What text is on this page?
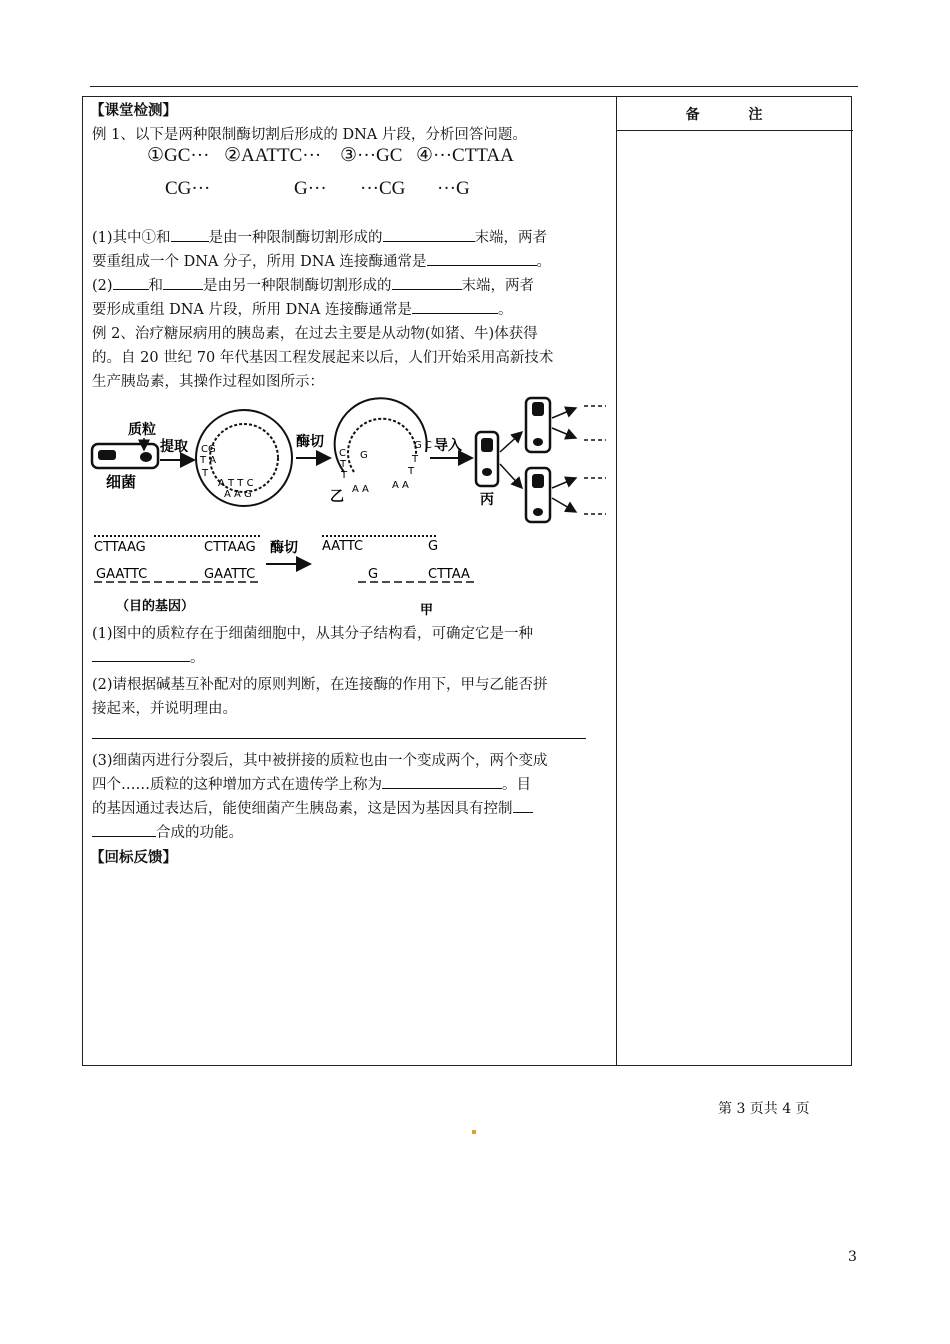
备 注
【课堂检测】
例 1、以下是两种限制酶切割后形成的 DNA 片段，分析回答问题。
①GC··· ②AATTC··· ③···GC ④···CTTAA
CG···	G··· ···CG ···G
(1)其中①和	是由一种限制酶切割形成的	末端，两者
要重组成一个 DNA 分子，所用 DNA 连接酶通常是	。
(2) 和	是由另一种限制酶切割形成的	末端，两者
要形成重组 DNA 片段，所用 DNA 连接酶通常是	。
例 2、治疗糖尿病用的胰岛素，在过去主要是从动物(如猪、牛)体获得
的。自 20 世纪 70 年代基因工程发展起来以后，人们开始采用高新技术
生产胰岛素，其操作过程如图所示：
质粒
细菌
提取 CG
T A
T
A T T C
A A G
酶切
C
T
T
G
G C
T
T
A A A A
乙
导入
丙
CTTAAG	CTTAAG
GAATTC	GAATTC
酶切 AATTC	G
G	CTTAA
（目的基因）	甲
(1)图中的质粒存在于细菌细胞中，从其分子结构看，可确定它是一种
。
(2)请根据碱基互补配对的原则判断，在连接酶的作用下，甲与乙能否拼
接起来，并说明理由。
(3)细菌丙进行分裂后，其中被拼接的质粒也由一个变成两个，两个变成
四个……质粒的这种增加方式在遗传学上称为	。目
的基因通过表达后，能使细菌产生胰岛素，这是因为基因具有控制
合成的功能。
【回标反馈】
第 3 页共 4 页
3
